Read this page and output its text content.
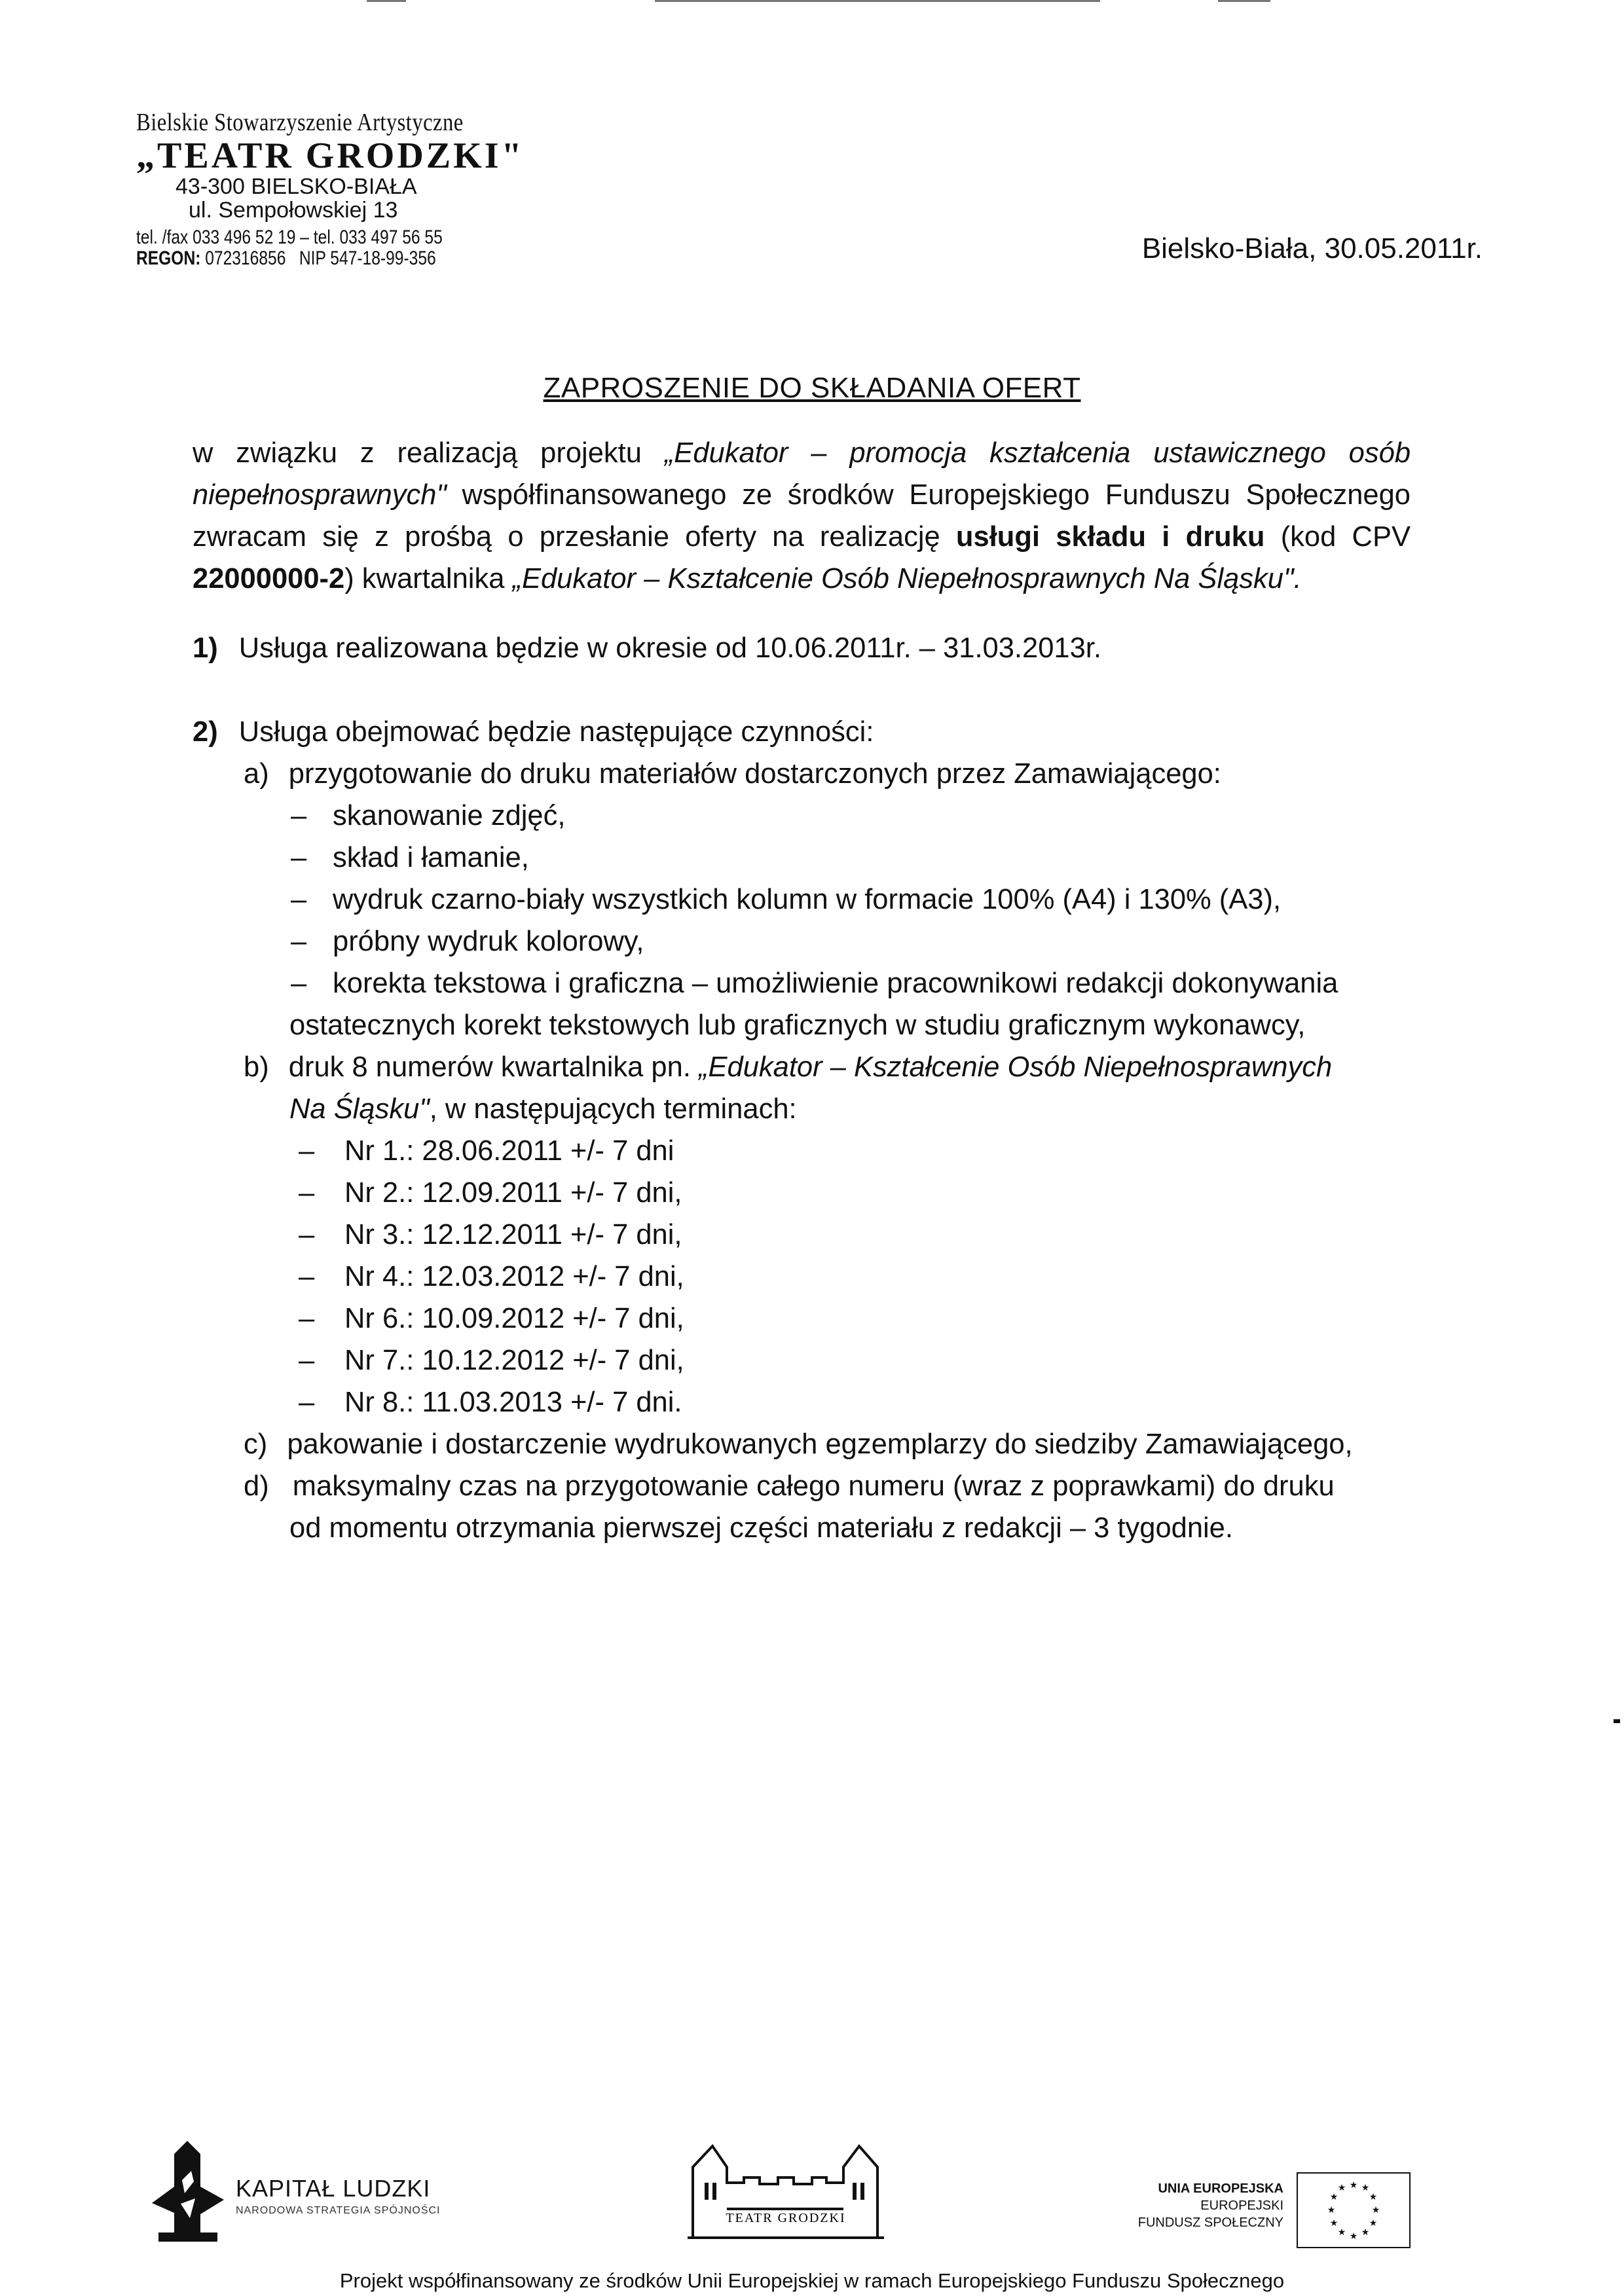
Bielskie Stowarzyszenie Artystyczne
„TEATR GRODZKI"
43-300 BIELSKO-BIAŁA
ul. Sempołowskiej 13
tel. /fax 033 496 52 19 – tel. 033 497 56 55
REGON: 072316856 NIP 547-18-99-356	Bielsko-Biała, 30.05.2011r.
ZAPROSZENIE DO SKŁADANIA OFERT
w związku z realizacją projektu „Edukator – promocja kształcenia ustawicznego osób niepełnosprawnych" współfinansowanego ze środków Europejskiego Funduszu Społecznego zwracam się z prośbą o przesłanie oferty na realizację usługi składu i druku (kod CPV 22000000-2) kwartalnika „Edukator – Kształcenie Osób Niepełnosprawnych Na Śląsku".
1) Usługa realizowana będzie w okresie od 10.06.2011r. – 31.03.2013r.
2) Usługa obejmować będzie następujące czynności:
a) przygotowanie do druku materiałów dostarczonych przez Zamawiającego:
– skanowanie zdjęć,
– skład i łamanie,
– wydruk czarno-biały wszystkich kolumn w formacie 100% (A4) i 130% (A3),
– próbny wydruk kolorowy,
– korekta tekstowa i graficzna – umożliwienie pracownikowi redakcji dokonywania
ostatecznych korekt tekstowych lub graficznych w studiu graficznym wykonawcy,
b) druk 8 numerów kwartalnika pn. „Edukator – Kształcenie Osób Niepełnosprawnych
Na Śląsku", w następujących terminach:
– Nr 1.: 28.06.2011 +/- 7 dni
– Nr 2.: 12.09.2011 +/- 7 dni,
– Nr 3.: 12.12.2011 +/- 7 dni,
– Nr 4.: 12.03.2012 +/- 7 dni,
– Nr 6.: 10.09.2012 +/- 7 dni,
– Nr 7.: 10.12.2012 +/- 7 dni,
– Nr 8.: 11.03.2013 +/- 7 dni.
c) pakowanie i dostarczenie wydrukowanych egzemplarzy do siedziby Zamawiającego,
d) maksymalny czas na przygotowanie całego numeru (wraz z poprawkami) do druku
od momentu otrzymania pierwszej części materiału z redakcji – 3 tygodnie.
KAPITAŁ LUDZKI
NARODOWA STRATEGIA SPÓJNOŚCI
TEATR GRODZKI
UNIA EUROPEJSKA
EUROPEJSKI
FUNDUSZ SPOŁECZNY
★ ★
★
★
★
★
★
★
★
★
★
★
Projekt współfinansowany ze środków Unii Europejskiej w ramach Europejskiego Funduszu Społecznego
